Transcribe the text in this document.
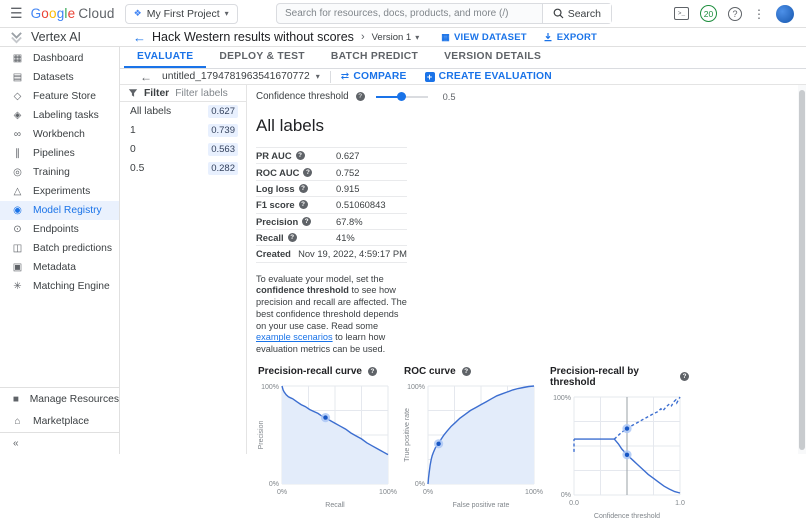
☰ Google Cloud ❖ My First Project ▾
Search for resources, docs, products, and more (/)	Search	>_	20	?	⋮
Vertex AI	← Hack Western results without scores › Version 1 ▾ ▦ VIEW DATASET	EXPORT
▦ Dashboard
▤ Datasets
◇ Feature Store
◈ Labeling tasks
∞ Workbench
∥	Pipelines
◎ Training
△ Experiments
◉ Model Registry
⊙ Endpoints
◫ Batch predictions
▣ Metadata
✳ Matching Engine
■ Manage Resources
⌂	Marketplace
«
EVALUATE	DEPLOY & TEST	BATCH PREDICT	VERSION DETAILS
← untitled_1794781963541670772 ▾ ⇄ COMPARE + CREATE EVALUATION
Filter Filter labels
All labels	0.627
1	0.739
0	0.563
0.5	0.282
Confidence threshold	?	0.5
All labels
PR AUC	?	0.627
ROC AUC	?	0.752
Log loss	?	0.915
F1 score	?	0.51060843
Precision	?	67.8%
Recall	?	41%
Created Nov 19, 2022, 4:59:17 PM

To evaluate your model, set the confidence threshold to see how precision and recall are affected. The best confidence threshold depends on your use case. Read some example scenarios to learn how evaluation metrics can be used.

Precision-recall curve	?
100%
0%
0%	100%
Recall
Precision
ROC curve	?
100%
0%
0%	100%
False positive rate
True positive rate
Precision-recall by threshold	?
100%
0%
0.0	1.0
Confidence threshold
